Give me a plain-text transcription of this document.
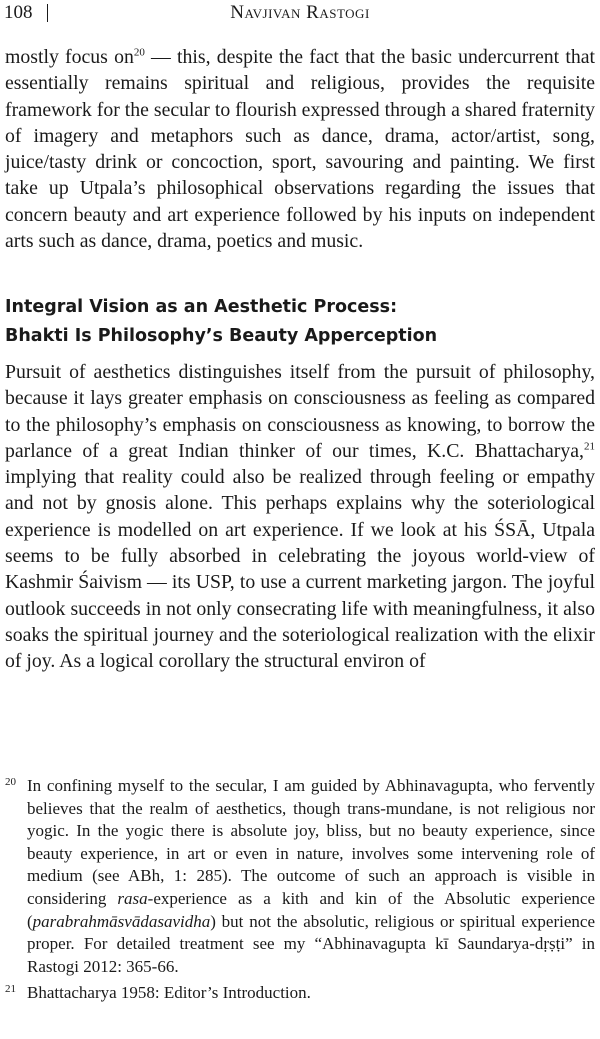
108	Navjivan Rastogi

mostly focus $on^{20}$ — this, despite the fact that the basic undercurrent that essentially remains spiritual and religious, provides the requisite framework for the secular to flourish expressed through a shared fraternity of imagery and metaphors such as dance, drama, actor/artist, song, juice/tasty drink or concoction, sport, savouring and painting. We first take up Utpala’s philosophical observations regarding the issues that concern beauty and art experience followed by his inputs on independent arts such as dance, drama, poetics and music.

Integral Vision as an Aesthetic Process:
Bhakti Is Philosophy’s Beauty Apperception

Pursuit of aesthetics distinguishes itself from the pursuit of philosophy, because it lays greater emphasis on consciousness as feeling as compared to the philosophy’s emphasis on consciousness as knowing, to borrow the parlance of a great Indian thinker of our times, K.C. Bhattacharya,$^{21}$ implying that reality could also be realized through feeling or empathy and not by gnosis alone. This perhaps explains why the soteriological experience is modelled on art experience. If we look at his ŚSĀ, Utpala seems to be fully absorbed in celebrating the joyous world-view of Kashmir Śaivism — its USP, to use a current marketing jargon. The joyful outlook succeeds in not only consecrating life with meaningfulness, it also soaks the spiritual journey and the soteriological realization with the elixir of joy. As a logical corollary the structural environ of

20 In confining myself to the secular, I am guided by Abhinavagupta, who fervently believes that the realm of aesthetics, though trans-mundane, is not religious nor yogic. In the yogic there is absolute joy, bliss, but no beauty experience, since beauty experience, in art or even in nature, involves some intervening role of medium (see ABh, 1: 285). The outcome of such an approach is visible in considering rasa-experience as a kith and kin of the Absolutic experience (parabrahmāsvādasavidha) but not the absolutic, religious or spiritual experience proper. For detailed treatment see my “Abhinavagupta kī Saundarya-dṛṣṭi” in Rastogi 2012: 365-66.

21 Bhattacharya 1958: Editor’s Introduction.
